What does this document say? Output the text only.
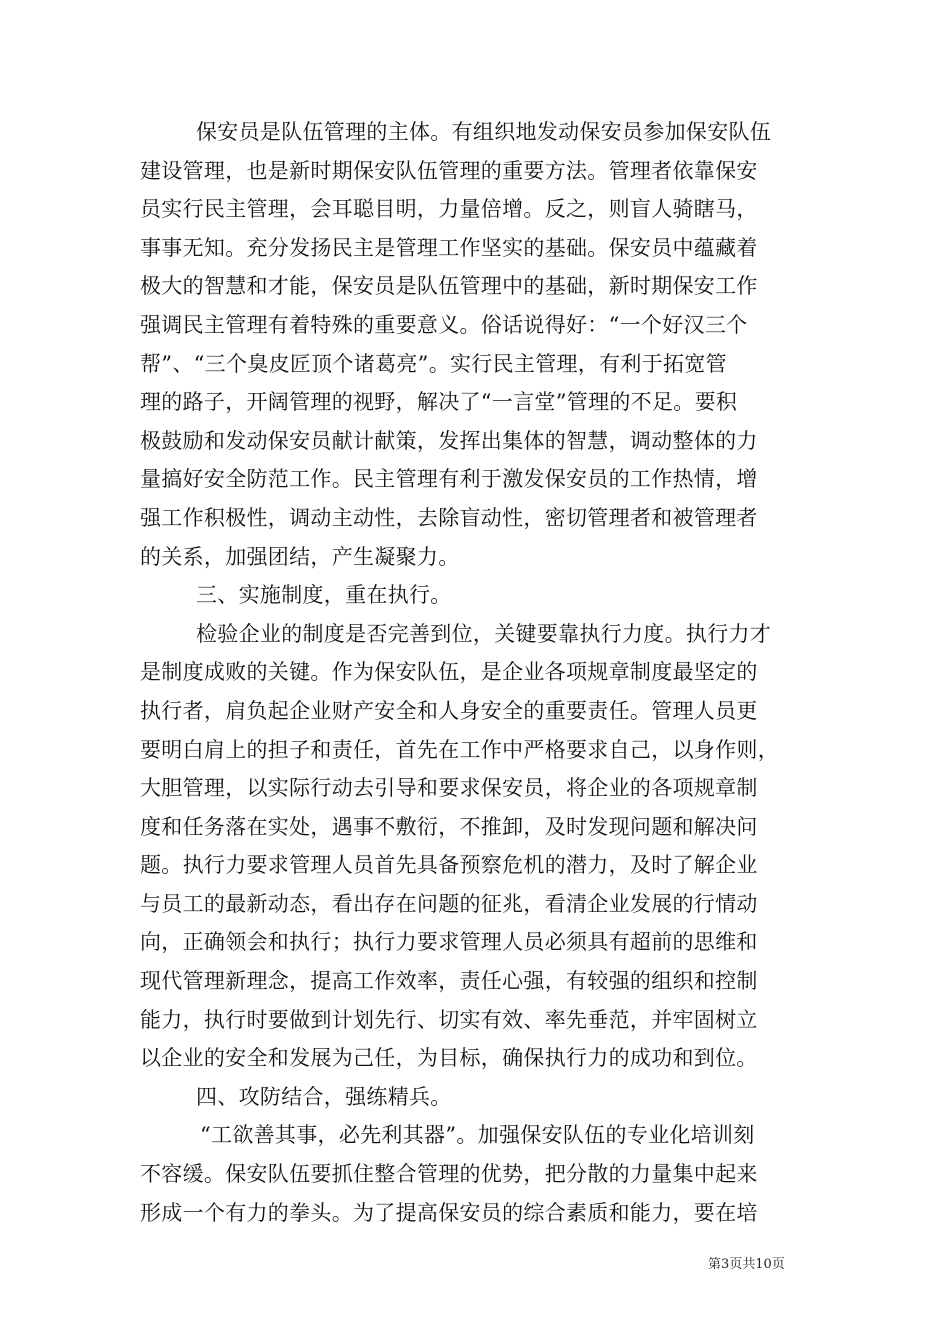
保安员是队伍管理的主体。有组织地发动保安员参加保安队伍
建设管理，也是新时期保安队伍管理的重要方法。管理者依靠保安
员实行民主管理，会耳聪目明，力量倍增。反之，则盲人骑瞎马，
事事无知。充分发扬民主是管理工作坚实的基础。保安员中蕴藏着
极大的智慧和才能，保安员是队伍管理中的基础，新时期保安工作
强调民主管理有着特殊的重要意义。俗话说得好：“一个好汉三个
帮”、“三个臭皮匠顶个诸葛亮”。实行民主管理，有利于拓宽管
理的路子，开阔管理的视野，解决了“一言堂”管理的不足。要积
极鼓励和发动保安员献计献策，发挥出集体的智慧，调动整体的力
量搞好安全防范工作。民主管理有利于激发保安员的工作热情，增
强工作积极性，调动主动性，去除盲动性，密切管理者和被管理者
的关系，加强团结，产生凝聚力。
三、实施制度，重在执行。
检验企业的制度是否完善到位，关键要靠执行力度。执行力才
是制度成败的关键。作为保安队伍，是企业各项规章制度最坚定的
执行者，肩负起企业财产安全和人身安全的重要责任。管理人员更
要明白肩上的担子和责任，首先在工作中严格要求自己，以身作则，
大胆管理，以实际行动去引导和要求保安员，将企业的各项规章制
度和任务落在实处，遇事不敷衍，不推卸，及时发现问题和解决问
题。执行力要求管理人员首先具备预察危机的潜力，及时了解企业
与员工的最新动态，看出存在问题的征兆，看清企业发展的行情动
向，正确领会和执行；执行力要求管理人员必须具有超前的思维和
现代管理新理念，提高工作效率，责任心强，有较强的组织和控制
能力，执行时要做到计划先行、切实有效、率先垂范，并牢固树立
以企业的安全和发展为己任，为目标，确保执行力的成功和到位。
四、攻防结合，强练精兵。
“工欲善其事，必先利其器”。加强保安队伍的专业化培训刻
不容缓。保安队伍要抓住整合管理的优势，把分散的力量集中起来
形成一个有力的拳头。为了提高保安员的综合素质和能力，要在培
第3页共10页
